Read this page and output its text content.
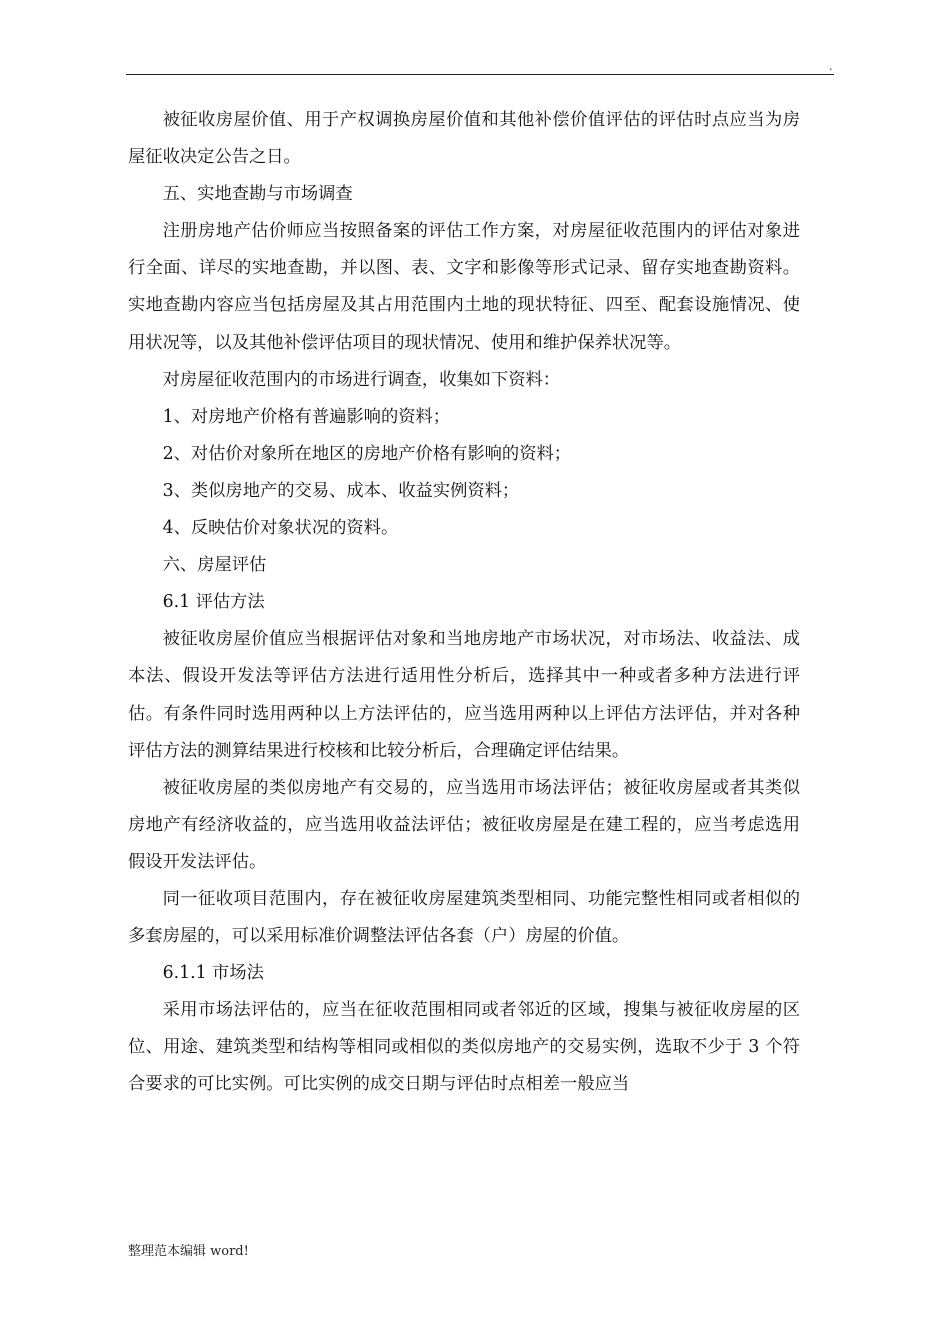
.

被征收房屋价值、用于产权调换房屋价值和其他补偿价值评估的评估时点应当为房屋征收决定公告之日。

五、实地查勘与市场调查

注册房地产估价师应当按照备案的评估工作方案，对房屋征收范围内的评估对象进行全面、详尽的实地查勘，并以图、表、文字和影像等形式记录、留存实地查勘资料。实地查勘内容应当包括房屋及其占用范围内土地的现状特征、四至、配套设施情况、使用状况等，以及其他补偿评估项目的现状情况、使用和维护保养状况等。

对房屋征收范围内的市场进行调查，收集如下资料：

1、对房地产价格有普遍影响的资料；

2、对估价对象所在地区的房地产价格有影响的资料；

3、类似房地产的交易、成本、收益实例资料；

4、反映估价对象状况的资料。

六、房屋评估

6.1 评估方法

被征收房屋价值应当根据评估对象和当地房地产市场状况，对市场法、收益法、成本法、假设开发法等评估方法进行适用性分析后，选择其中一种或者多种方法进行评估。有条件同时选用两种以上方法评估的，应当选用两种以上评估方法评估，并对各种评估方法的测算结果进行校核和比较分析后，合理确定评估结果。

被征收房屋的类似房地产有交易的，应当选用市场法评估；被征收房屋或者其类似房地产有经济收益的，应当选用收益法评估；被征收房屋是在建工程的，应当考虑选用假设开发法评估。

同一征收项目范围内，存在被征收房屋建筑类型相同、功能完整性相同或者相似的多套房屋的，可以采用标准价调整法评估各套（户）房屋的价值。

6.1.1 市场法

采用市场法评估的，应当在征收范围相同或者邻近的区域，搜集与被征收房屋的区位、用途、建筑类型和结构等相同或相似的类似房地产的交易实例，选取不少于 3 个符合要求的可比实例。可比实例的成交日期与评估时点相差一般应当

整理范本编辑 word!
